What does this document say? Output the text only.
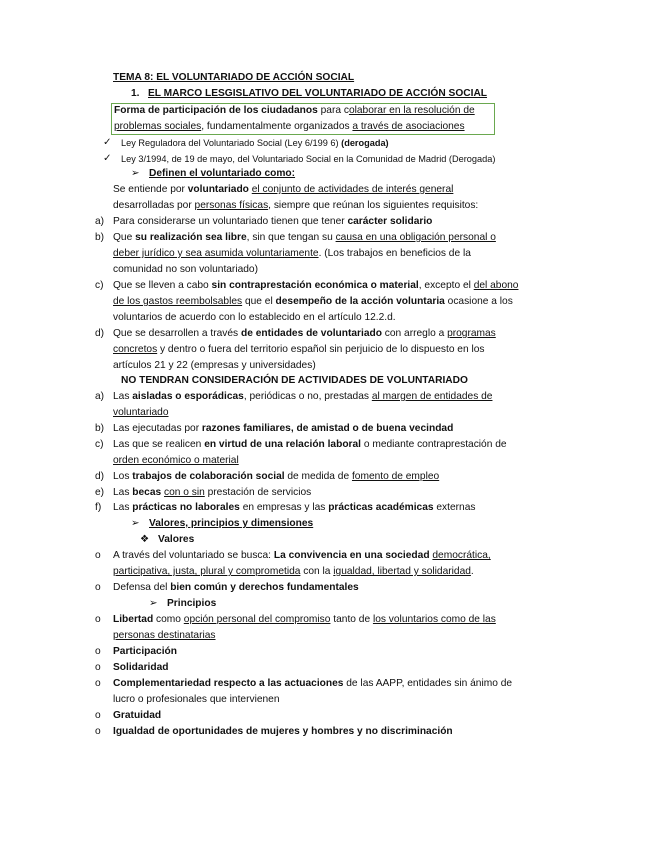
TEMA 8: EL VOLUNTARIADO DE ACCIÓN SOCIAL
1. EL MARCO LESGISLATIVO DEL VOLUNTARIADO DE ACCIÓN SOCIAL
Forma de participación de los ciudadanos para colaborar en la resolución de
problemas sociales, fundamentalmente organizados a través de asociaciones
✓	Ley Reguladora del Voluntariado Social (Ley 6/199 6) (derogada)
✓	Ley 3/1994, de 19 de mayo, del Voluntariado Social en la Comunidad de Madrid (Derogada)
➢ Definen el voluntariado como:
Se entiende por voluntariado el conjunto de actividades de interés general
desarrolladas por personas físicas, siempre que reúnan los siguientes requisitos:
a) Para considerarse un voluntariado tienen que tener carácter solidario
b) Que su realización sea libre, sin que tengan su causa en una obligación personal o
deber jurídico y sea asumida voluntariamente. (Los trabajos en beneficios de la
comunidad no son voluntariado)
c) Que se lleven a cabo sin contraprestación económica o material, excepto el del abono
de los gastos reembolsables que el desempeño de la acción voluntaria ocasione a los
voluntarios de acuerdo con lo establecido en el artículo 12.2.d.
d) Que se desarrollen a través de entidades de voluntariado con arreglo a programas
concretos y dentro o fuera del territorio español sin perjuicio de lo dispuesto en los
artículos 21 y 22 (empresas y universidades)
NO TENDRAN CONSIDERACIÓN DE ACTIVIDADES DE VOLUNTARIADO
a) Las aisladas o esporádicas, periódicas o no, prestadas al margen de entidades de
voluntariado
b) Las ejecutadas por razones familiares, de amistad o de buena vecindad
c) Las que se realicen en virtud de una relación laboral o mediante contraprestación de
orden económico o material
d) Los trabajos de colaboración social de medida de fomento de empleo
e) Las becas con o sin prestación de servicios
f)	Las prácticas no laborales en empresas y las prácticas académicas externas
➢ Valores, principios y dimensiones
❖ Valores
o	A través del voluntariado se busca: La convivencia en una sociedad democrática,
participativa, justa, plural y comprometida con la igualdad, libertad y solidaridad.
o	Defensa del bien común y derechos fundamentales
➢ Principios
o	Libertad como opción personal del compromiso tanto de los voluntarios como de las
personas destinatarias
o	Participación
o	Solidaridad
o	Complementariedad respecto a las actuaciones de las AAPP, entidades sin ánimo de
lucro o profesionales que intervienen
o	Gratuidad
o	Igualdad de oportunidades de mujeres y hombres y no discriminación
